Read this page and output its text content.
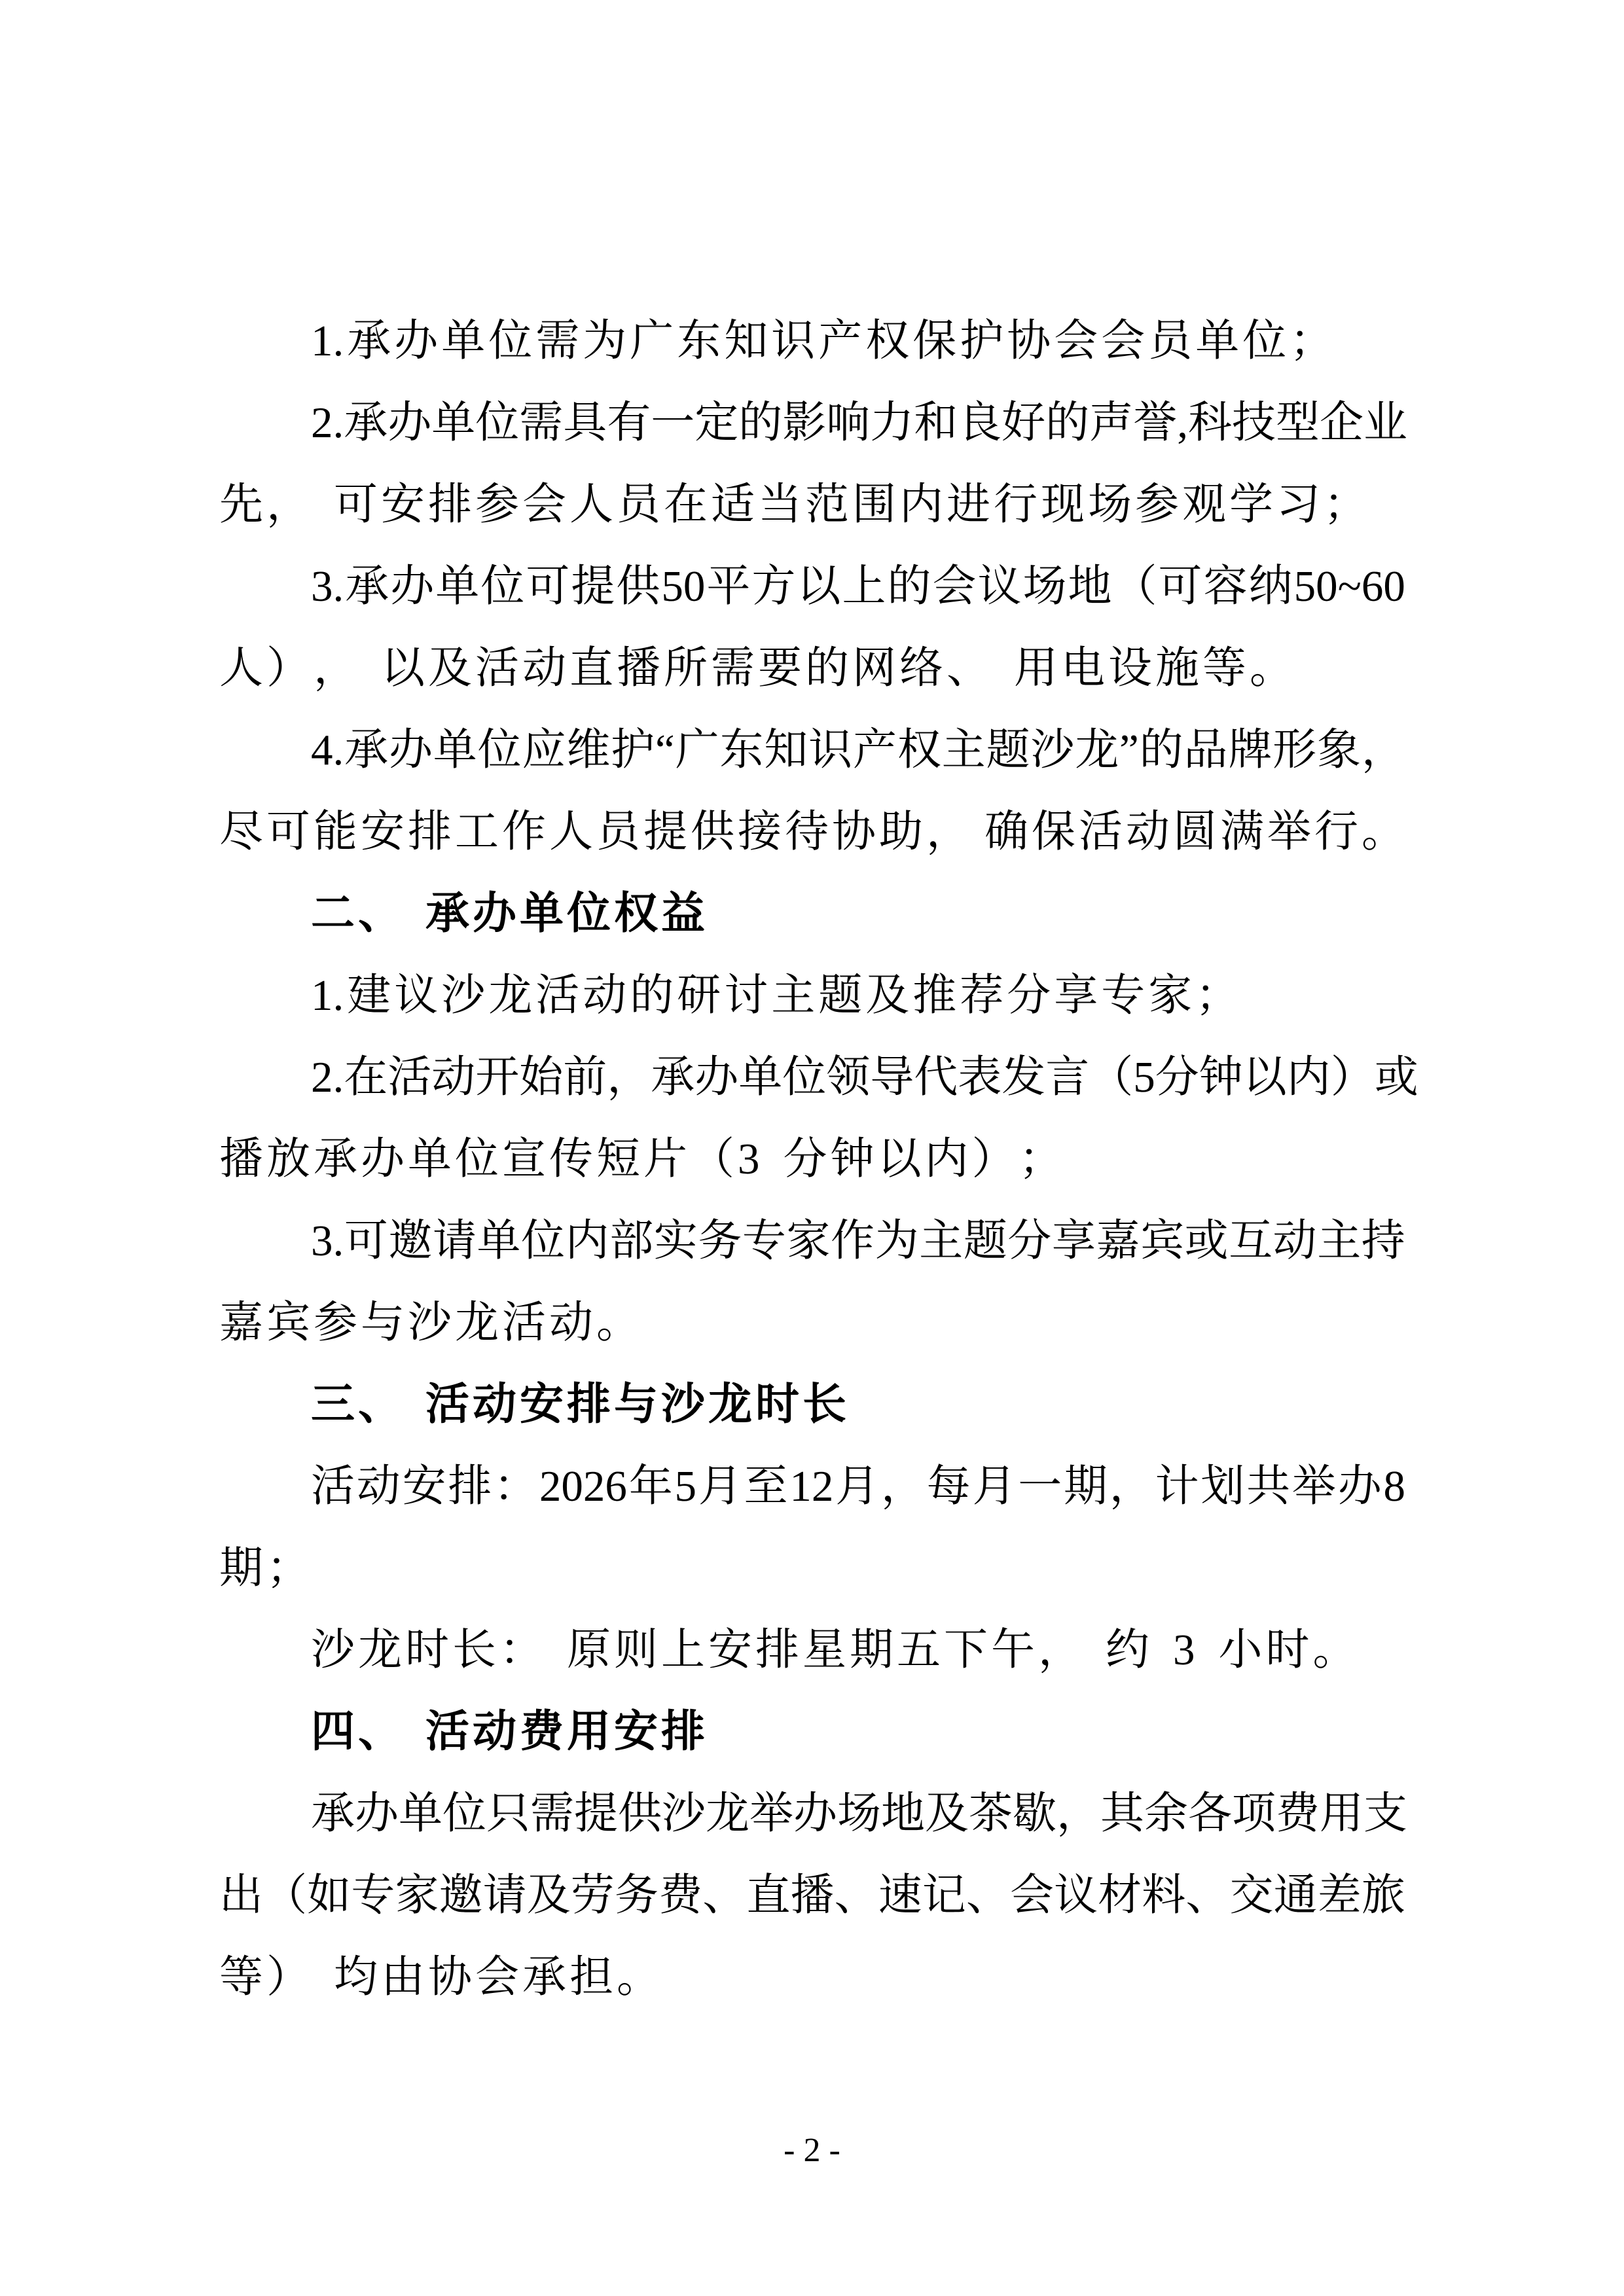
1. 承 办 单 位 需 为 广 东 知 识 产 权 保 护 协 会 会 员 单 位 ；
2. 承 办 单 位 需 具 有 一 定 的 影 响 力 和 良 好 的 声 誉 , 科 技 型 企 业
先 ， 可 安 排 参 会 人 员 在 适 当 范 围 内 进 行 现 场 参 观 学 习 ；
3. 承 办 单 位 可 提 供 50 平 方 以 上 的 会 议 场 地 （ 可 容 纳 50~60
人 ） ， 以 及 活 动 直 播 所 需 要 的 网 络 、 用 电 设 施 等 。
4. 承 办 单 位 应 维 护 “ 广 东 知 识 产 权 主 题 沙 龙 ” 的 品 牌 形 象 ，
尽 可 能 安 排 工 作 人 员 提 供 接 待 协 助 ， 确 保 活 动 圆 满 举 行 。
二 、 承 办 单 位 权 益
1. 建 议 沙 龙 活 动 的 研 讨 主 题 及 推 荐 分 享 专 家 ；
2. 在 活 动 开 始 前 ， 承 办 单 位 领 导 代 表 发 言 （ 5 分 钟 以 内 ） 或
播 放 承 办 单 位 宣 传 短 片 （ 3 分 钟 以 内 ） ；
3. 可 邀 请 单 位 内 部 实 务 专 家 作 为 主 题 分 享 嘉 宾 或 互 动 主 持
嘉 宾 参 与 沙 龙 活 动 。
三 、 活 动 安 排 与 沙 龙 时 长
活 动 安 排 ： 2026 年 5 月 至 12 月 ， 每 月 一 期 ， 计 划 共 举 办 8
期 ；
沙 龙 时 长 ： 原 则 上 安 排 星 期 五 下 午 ， 约 3 小 时 。
四 、 活 动 费 用 安 排
承 办 单 位 只 需 提 供 沙 龙 举 办 场 地 及 茶 歇 ， 其 余 各 项 费 用 支
出 （ 如 专 家 邀 请 及 劳 务 费 、 直 播 、 速 记 、 会 议 材 料 、 交 通 差 旅
等 ） 均 由 协 会 承 担 。
- 2 -
